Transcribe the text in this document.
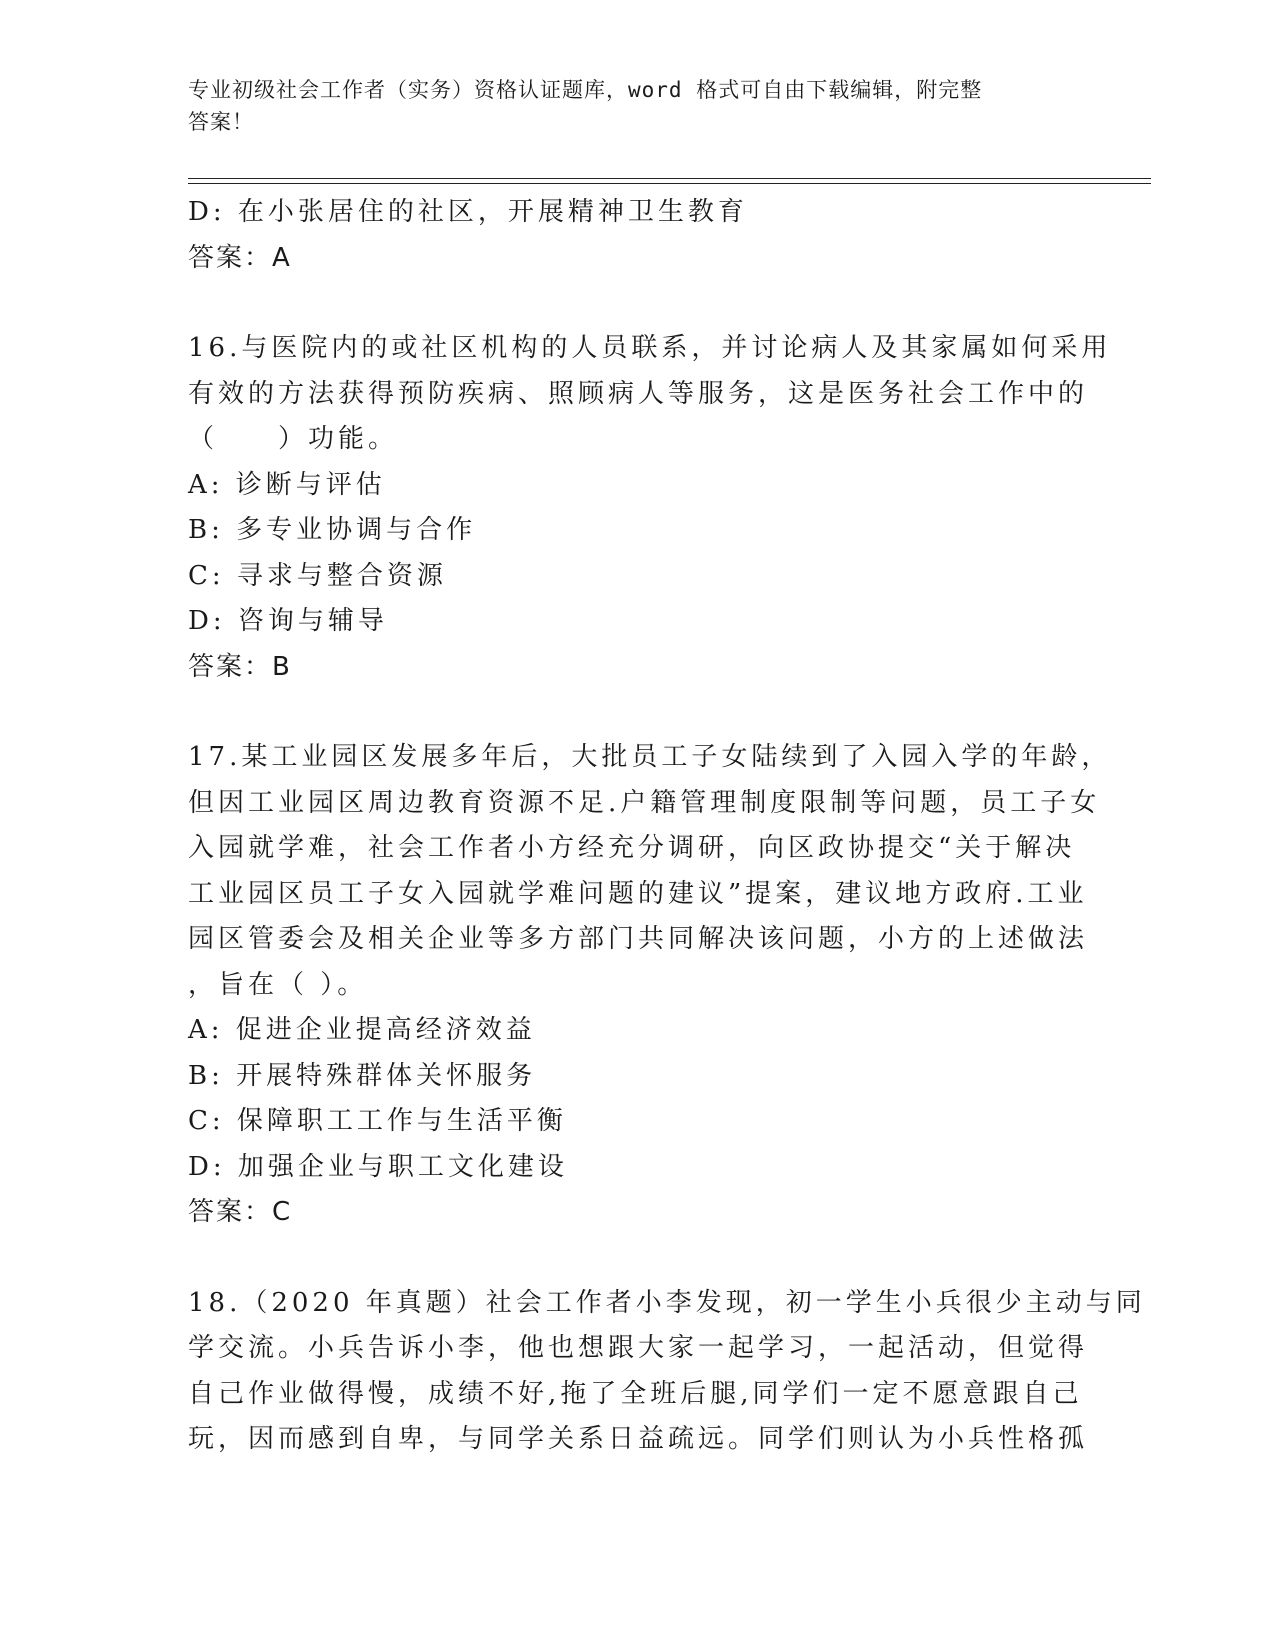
专业初级社会工作者（实务）资格认证题库，word 格式可自由下载编辑，附完整
答案！
D: 在小张居住的社区，开展精神卫生教育
答案：A
16.与医院内的或社区机构的人员联系，并讨论病人及其家属如何采用
有效的方法获得预防疾病、照顾病人等服务，这是医务社会工作中的
（　　）功能。
A: 诊断与评估
B: 多专业协调与合作
C: 寻求与整合资源
D: 咨询与辅导
答案：B
17.某工业园区发展多年后，大批员工子女陆续到了入园入学的年龄，
但因工业园区周边教育资源不足.户籍管理制度限制等问题，员工子女
入园就学难，社会工作者小方经充分调研，向区政协提交“关于解决
工业园区员工子女入园就学难问题的建议”提案，建议地方政府.工业
园区管委会及相关企业等多方部门共同解决该问题，小方的上述做法
，旨在（ ）。
A: 促进企业提高经济效益
B: 开展特殊群体关怀服务
C: 保障职工工作与生活平衡
D: 加强企业与职工文化建设
答案：C
18.（2020 年真题）社会工作者小李发现，初一学生小兵很少主动与同
学交流。小兵告诉小李，他也想跟大家一起学习，一起活动，但觉得
自己作业做得慢，成绩不好,拖了全班后腿,同学们一定不愿意跟自己
玩，因而感到自卑，与同学关系日益疏远。同学们则认为小兵性格孤
